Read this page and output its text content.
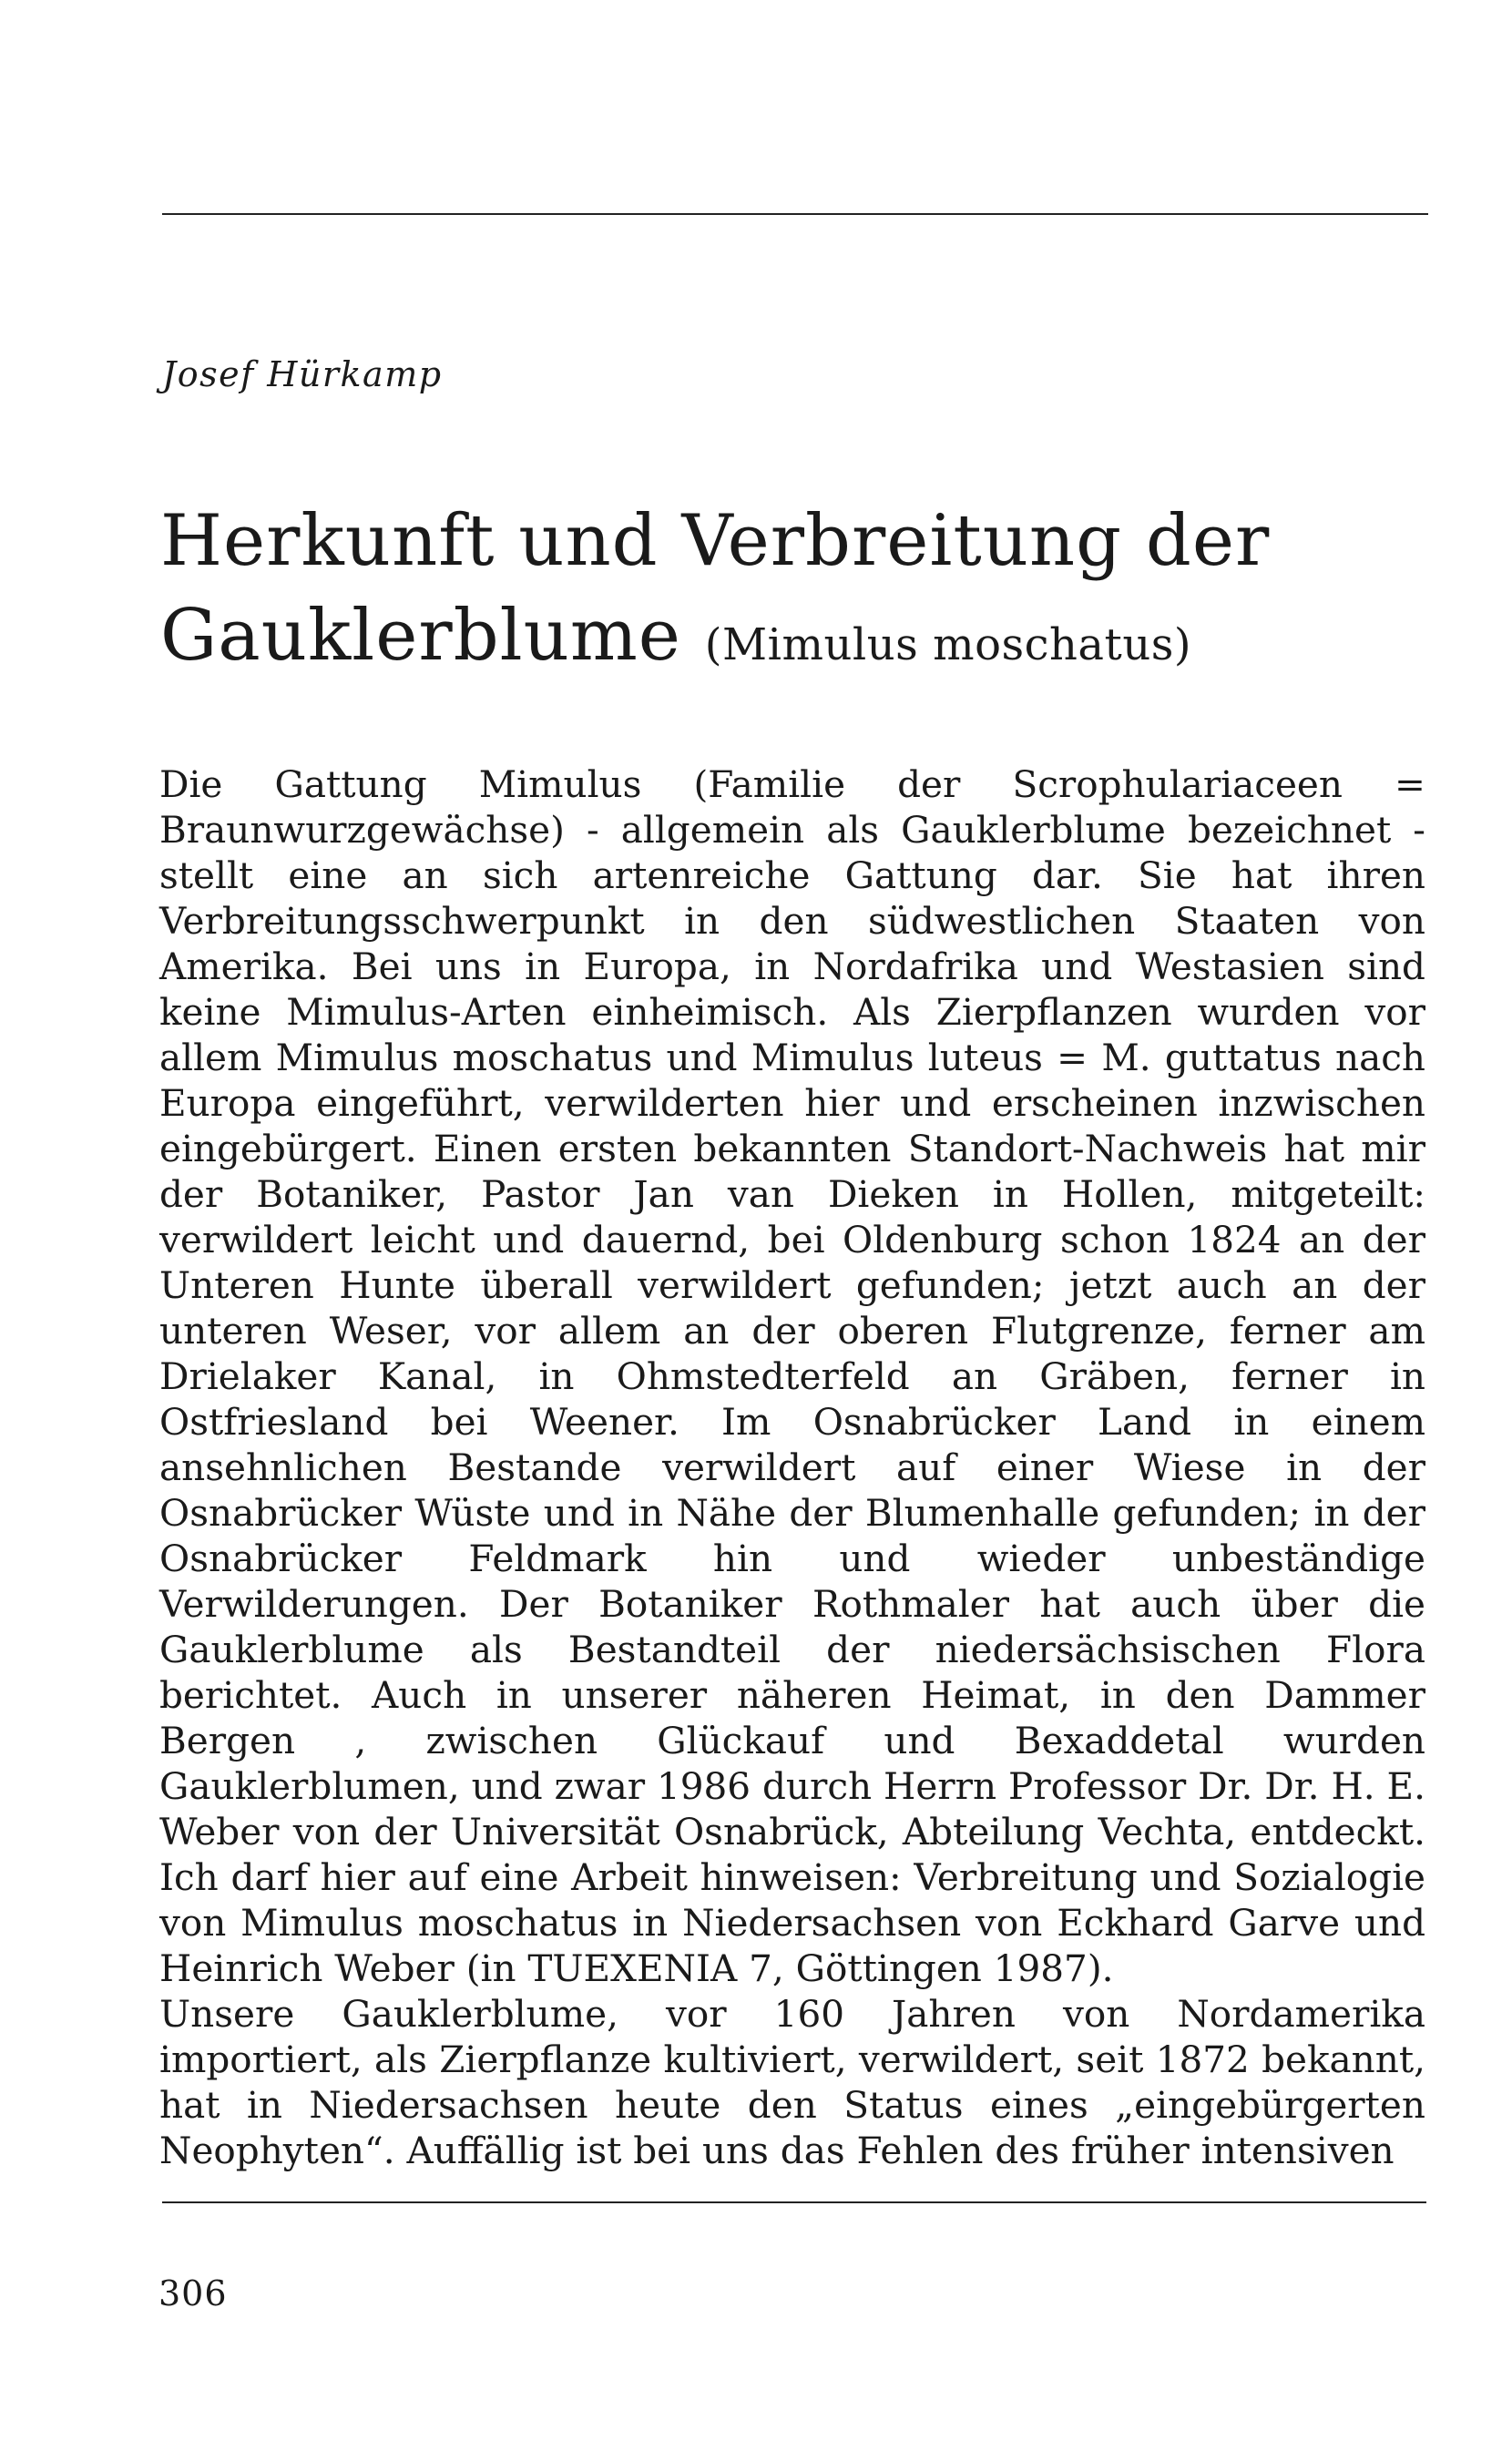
Josef Hürkamp
Herkunft und Verbreitung der Gauklerblume (Mimulus moschatus)

Die Gattung Mimulus (Familie der Scrophulariaceen = Braunwurzgewächse) - allgemein als Gauklerblume bezeichnet - stellt eine an sich artenreiche Gattung dar. Sie hat ihren Verbreitungsschwerpunkt in den südwestlichen Staaten von Amerika. Bei uns in Europa, in Nordafrika und Westasien sind keine Mimulus-Arten einheimisch. Als Zierpflanzen wurden vor allem Mimulus moschatus und Mimulus luteus = M. guttatus nach Europa eingeführt, verwilderten hier und erscheinen inzwischen eingebürgert. Einen ersten bekannten Standort-Nachweis hat mir der Botaniker, Pastor Jan van Dieken in Hollen, mitgeteilt: verwildert leicht und dauernd, bei Oldenburg schon 1824 an der Unteren Hunte überall verwildert gefunden; jetzt auch an der unteren Weser, vor allem an der oberen Flutgrenze, ferner am Drielaker Kanal, in Ohmstedterfeld an Gräben, ferner in Ostfriesland bei Weener. Im Osnabrücker Land in einem ansehnlichen Bestande verwildert auf einer Wiese in der Osnabrücker Wüste und in Nähe der Blumenhalle gefunden; in der Osnabrücker Feldmark hin und wieder unbeständige Verwilderungen. Der Botaniker Rothmaler hat auch über die Gauklerblume als Bestandteil der niedersächsischen Flora berichtet. Auch in unserer näheren Heimat, in den Dammer Bergen , zwischen Glückauf und Bexaddetal wurden Gauklerblumen, und zwar 1986 durch Herrn Professor Dr. Dr. H. E. Weber von der Universität Osnabrück, Abteilung Vechta, entdeckt. Ich darf hier auf eine Arbeit hinweisen: Verbreitung und Sozialogie von Mimulus moschatus in Niedersachsen von Eckhard Garve und Heinrich Weber (in TUEXENIA 7, Göttingen 1987).

Unsere Gauklerblume, vor 160 Jahren von Nordamerika importiert, als Zierpflanze kultiviert, verwildert, seit 1872 bekannt, hat in Niedersachsen heute den Status eines „eingebürgerten Neophyten“. Auffällig ist bei uns das Fehlen des früher intensiven

306
